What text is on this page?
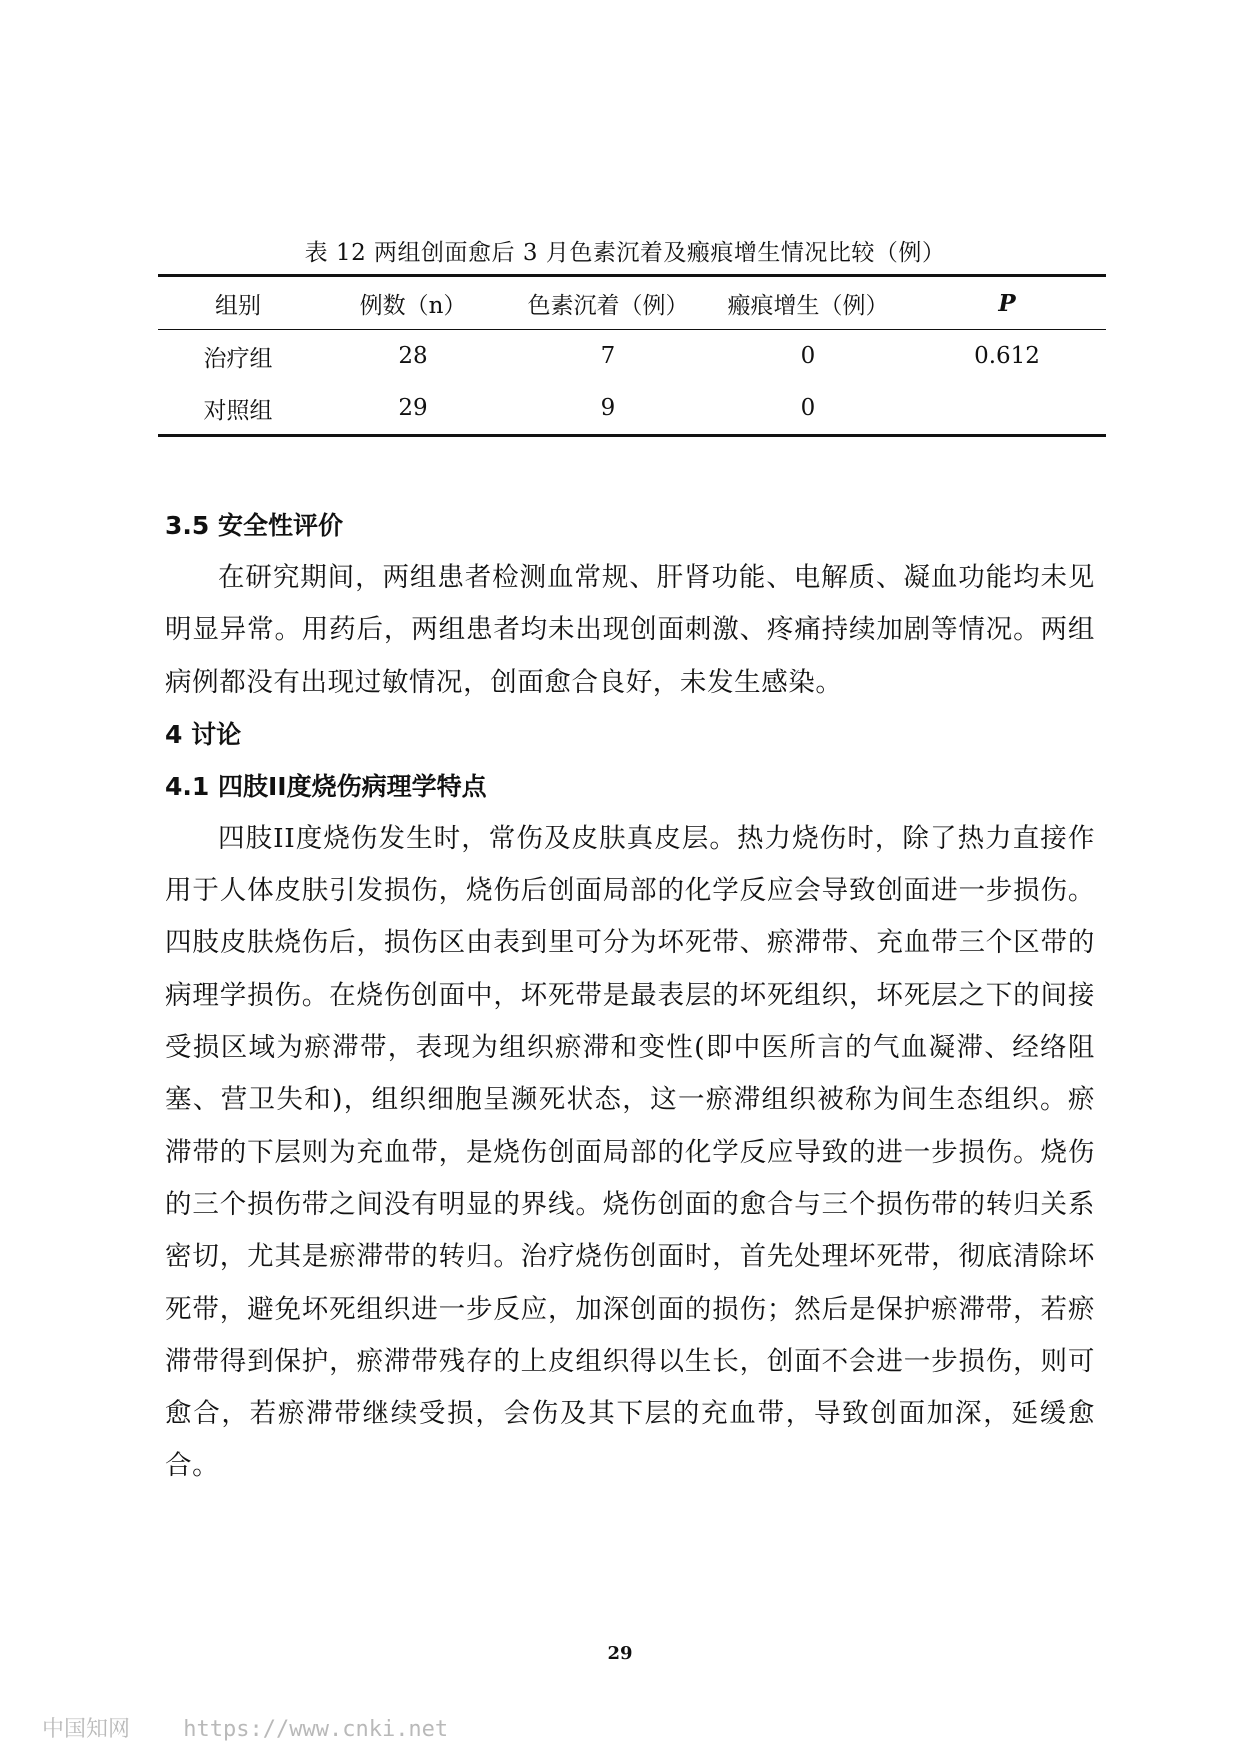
表 12 两组创面愈后 3 月色素沉着及瘢痕增生情况比较（例）
组别	例数（n）	色素沉着（例）	瘢痕增生（例）	P
治疗组	28	7	0	0.612
对照组	29	9	0	
3.5 安全性评价

在研究期间，两组患者检测血常规、肝肾功能、电解质、凝血功能均未见明显异常。用药后，两组患者均未出现创面刺激、疼痛持续加剧等情况。两组病例都没有出现过敏情况，创面愈合良好，未发生感染。

4 讨论
4.1 四肢II度烧伤病理学特点

四肢II度烧伤发生时，常伤及皮肤真皮层。热力烧伤时，除了热力直接作用于人体皮肤引发损伤，烧伤后创面局部的化学反应会导致创面进一步损伤。四肢皮肤烧伤后，损伤区由表到里可分为坏死带、瘀滞带、充血带三个区带的病理学损伤。在烧伤创面中，坏死带是最表层的坏死组织，坏死层之下的间接受损区域为瘀滞带，表现为组织瘀滞和变性(即中医所言的气血凝滞、经络阻塞、营卫失和)，组织细胞呈濒死状态，这一瘀滞组织被称为间生态组织。瘀滞带的下层则为充血带，是烧伤创面局部的化学反应导致的进一步损伤。烧伤的三个损伤带之间没有明显的界线。烧伤创面的愈合与三个损伤带的转归关系密切，尤其是瘀滞带的转归。治疗烧伤创面时，首先处理坏死带，彻底清除坏死带，避免坏死组织进一步反应，加深创面的损伤；然后是保护瘀滞带，若瘀滞带得到保护，瘀滞带残存的上皮组织得以生长，创面不会进一步损伤，则可愈合，若瘀滞带继续受损，会伤及其下层的充血带，导致创面加深，延缓愈合。

29
中国知网 https://www.cnki.net
